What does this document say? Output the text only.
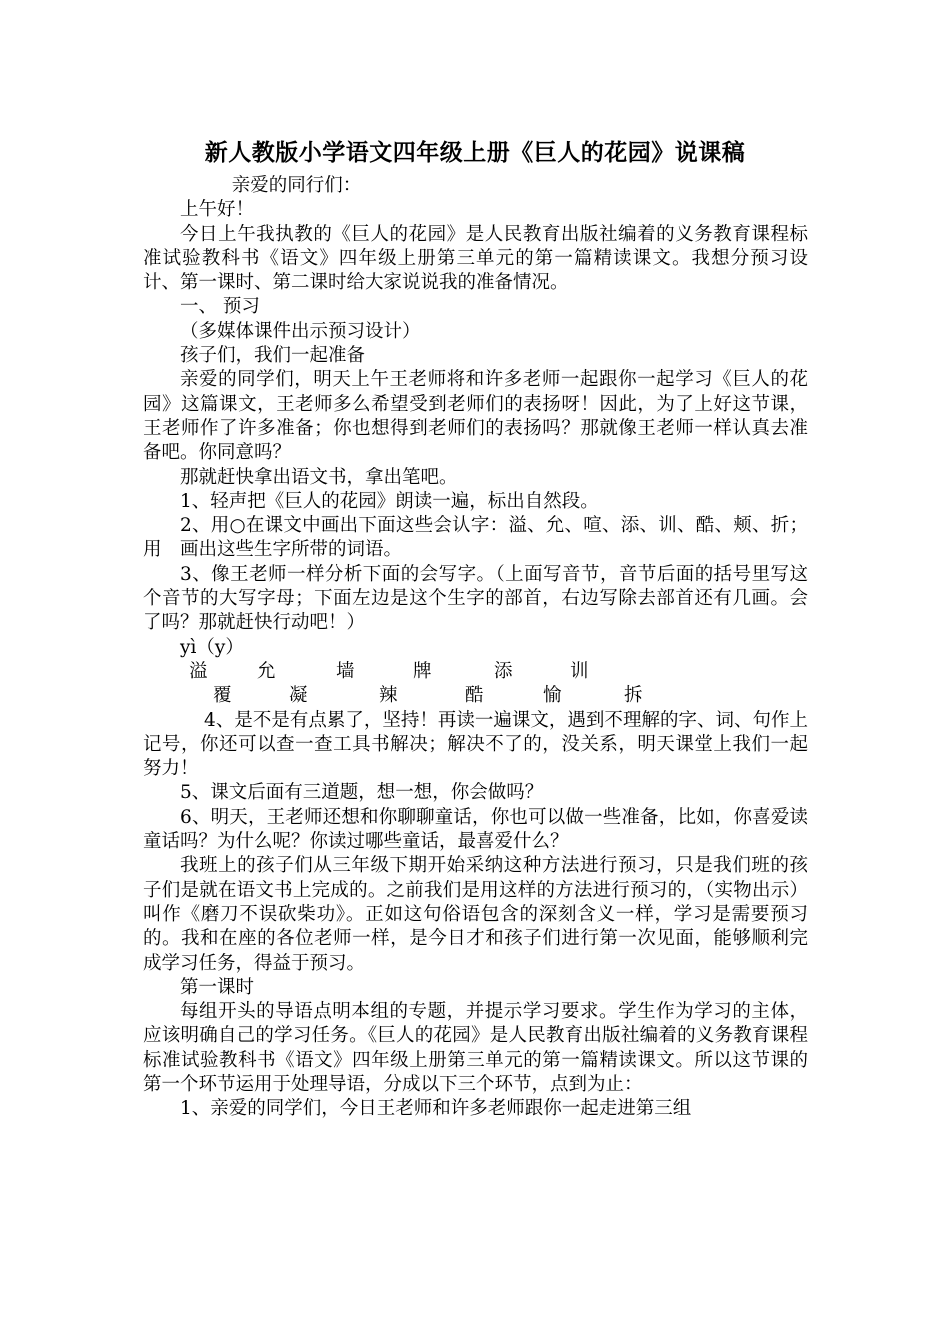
新人教版小学语文四年级上册《巨人的花园》说课稿

亲爱的同行们：

上午好！

今日上午我执教的《巨人的花园》是人民教育出版社编着的义务教育课程标准试验教科书《语文》四年级上册第三单元的第一篇精读课文。我想分预习设计、第一课时、第二课时给大家说说我的准备情况。

一、 预习

（多媒体课件出示预习设计）

孩子们，我们一起准备

亲爱的同学们，明天上午王老师将和许多老师一起跟你一起学习《巨人的花园》这篇课文，王老师多么希望受到老师们的表扬呀！因此，为了上好这节课，王老师作了许多准备；你也想得到老师们的表扬吗？那就像王老师一样认真去准备吧。你同意吗？

那就赶快拿出语文书，拿出笔吧。

1、轻声把《巨人的花园》朗读一遍，标出自然段。

2、用○在课文中画出下面这些会认字：溢、允、喧、添、训、酷、颊、折；用　画出这些生字所带的词语。

3、像王老师一样分析下面的会写字。（上面写音节，音节后面的括号里写这个音节的大写字母；下面左边是这个生字的部首，右边写除去部首还有几画。会了吗？那就赶快行动吧！）

yì（y）

溢	允	墙	牌	添	训
覆	凝	辣	酷	愉	拆

4、是不是有点累了，坚持！再读一遍课文，遇到不理解的字、词、句作上记号，你还可以查一查工具书解决；解决不了的，没关系，明天课堂上我们一起努力！

5、课文后面有三道题，想一想，你会做吗？

6、明天，王老师还想和你聊聊童话，你也可以做一些准备，比如，你喜爱读童话吗？为什么呢？你读过哪些童话，最喜爱什么？

我班上的孩子们从三年级下期开始采纳这种方法进行预习，只是我们班的孩子们是就在语文书上完成的。之前我们是用这样的方法进行预习的，（实物出示）叫作《磨刀不误砍柴功》。正如这句俗语包含的深刻含义一样，学习是需要预习的。我和在座的各位老师一样，是今日才和孩子们进行第一次见面，能够顺利完成学习任务，得益于预习。

第一课时

每组开头的导语点明本组的专题，并提示学习要求。学生作为学习的主体，应该明确自己的学习任务。《巨人的花园》是人民教育出版社编着的义务教育课程标准试验教科书《语文》四年级上册第三单元的第一篇精读课文。所以这节课的第一个环节运用于处理导语，分成以下三个环节，点到为止：

1、亲爱的同学们，今日王老师和许多老师跟你一起走进第三组
